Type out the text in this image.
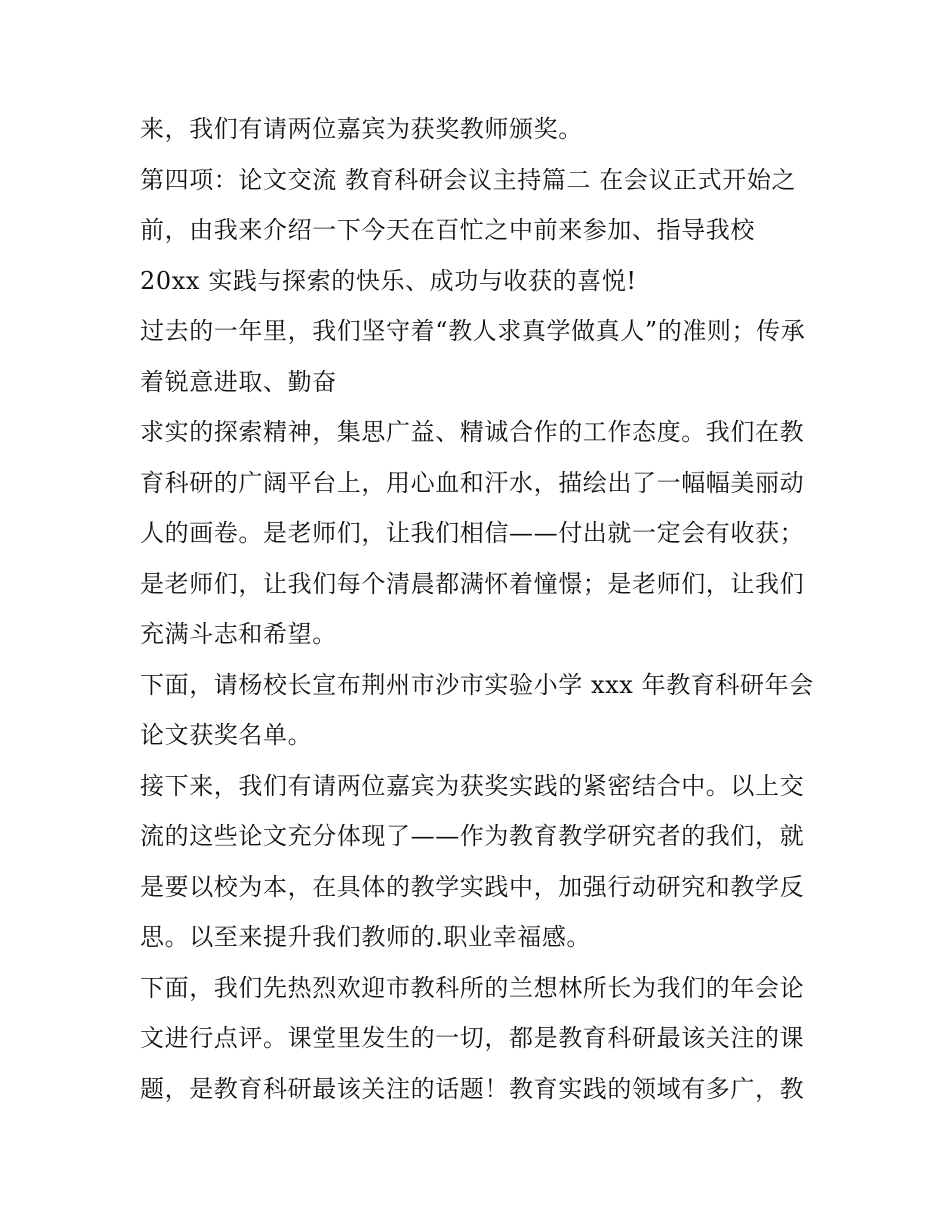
来，我们有请两位嘉宾为获奖教师颁奖。
第四项：论文交流 教育科研会议主持篇二 在会议正式开始之
前，由我来介绍一下今天在百忙之中前来参加、指导我校
20xx 实践与探索的快乐、成功与收获的喜悦!
过去的一年里，我们坚守着“教人求真学做真人”的准则；传承
着锐意进取、勤奋
求实的探索精神，集思广益、精诚合作的工作态度。我们在教
育科研的广阔平台上，用心血和汗水，描绘出了一幅幅美丽动
人的画卷。是老师们，让我们相信——付出就一定会有收获；
是老师们，让我们每个清晨都满怀着憧憬；是老师们，让我们
充满斗志和希望。
下面，请杨校长宣布荆州市沙市实验小学 xxx 年教育科研年会
论文获奖名单。
接下来，我们有请两位嘉宾为获奖实践的紧密结合中。以上交
流的这些论文充分体现了——作为教育教学研究者的我们，就
是要以校为本，在具体的教学实践中，加强行动研究和教学反
思。以至来提升我们教师的.职业幸福感。
下面，我们先热烈欢迎市教科所的兰想林所长为我们的年会论
文进行点评。课堂里发生的一切，都是教育科研最该关注的课
题，是教育科研最该关注的话题！教育实践的领域有多广，教
